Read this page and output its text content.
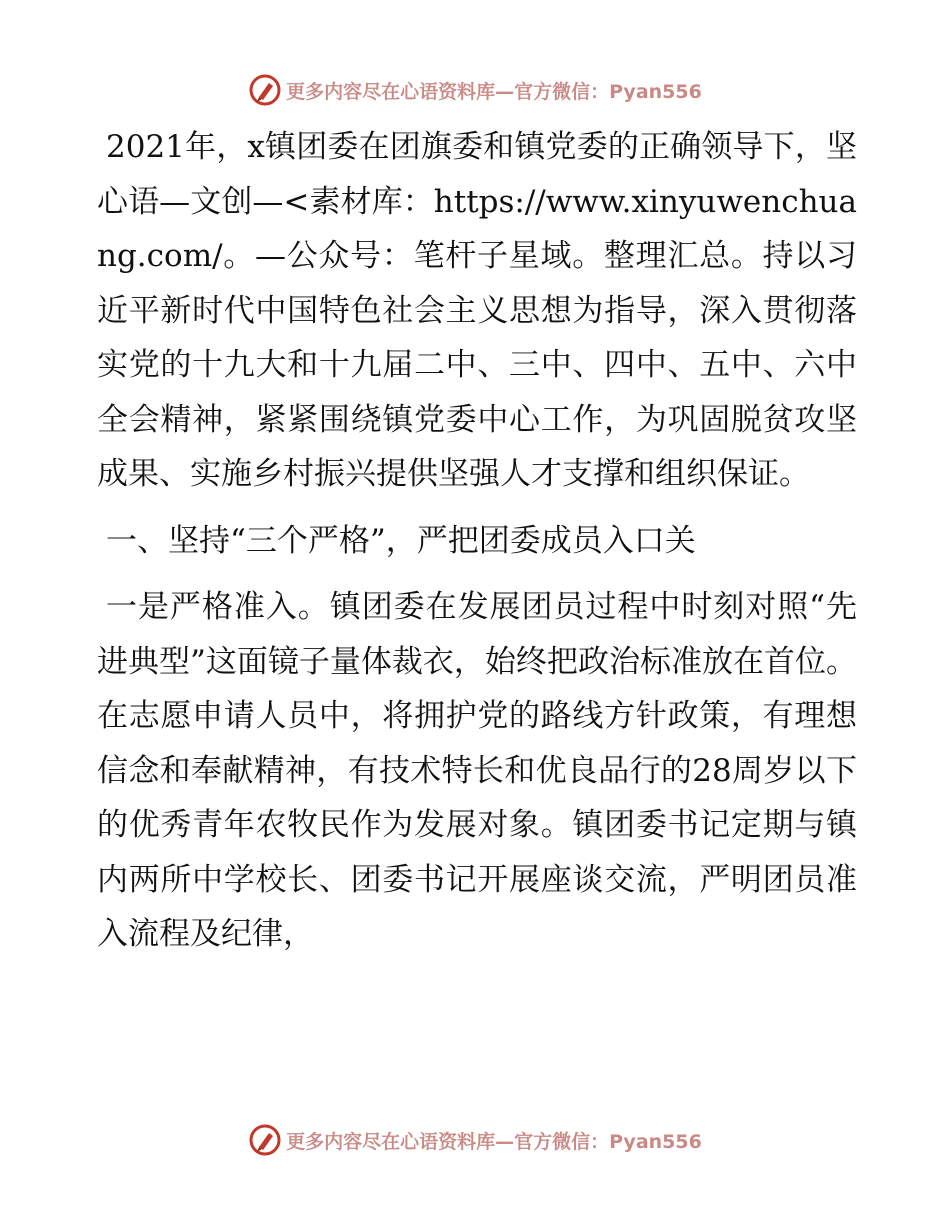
更多内容尽在心语资料库—官方微信：Pyan556

2021年，x镇团委在团旗委和镇党委的正确领导下，坚心语—文创—<素材库：https://www.xinyuwenchuang.com/。—公众号：笔杆子星域。整理汇总。持以习近平新时代中国特色社会主义思想为指导，深入贯彻落实党的十九大和十九届二中、三中、四中、五中、六中全会精神，紧紧围绕镇党委中心工作，为巩固脱贫攻坚成果、实施乡村振兴提供坚强人才支撑和组织保证。

一、坚持“三个严格”，严把团委成员入口关

一是严格准入。镇团委在发展团员过程中时刻对照“先进典型”这面镜子量体裁衣，始终把政治标准放在首位。在志愿申请人员中，将拥护党的路线方针政策，有理想信念和奉献精神，有技术特长和优良品行的28周岁以下的优秀青年农牧民作为发展对象。镇团委书记定期与镇内两所中学校长、团委书记开展座谈交流，严明团员准入流程及纪律，

更多内容尽在心语资料库—官方微信：Pyan556
